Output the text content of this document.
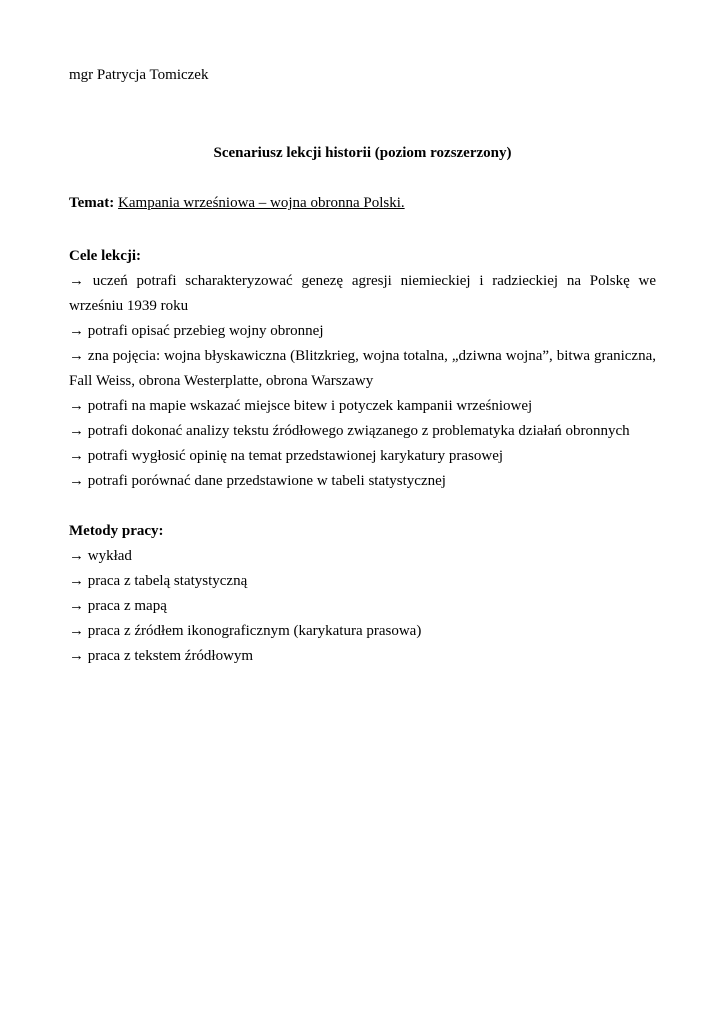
mgr Patrycja Tomiczek
Scenariusz lekcji historii (poziom rozszerzony)
Temat: Kampania wrześniowa – wojna obronna Polski.
Cele lekcji:
→ uczeń potrafi scharakteryzować genezę agresji niemieckiej i radzieckiej na Polskę we wrześniu 1939 roku
→ potrafi opisać przebieg wojny obronnej
→ zna pojęcia: wojna błyskawiczna (Blitzkrieg, wojna totalna, „dziwna wojna”, bitwa graniczna, Fall Weiss, obrona Westerplatte, obrona Warszawy
→ potrafi na mapie wskazać miejsce bitew i potyczek kampanii wrześniowej
→ potrafi dokonać analizy tekstu źródłowego związanego z problematyka działań obronnych
→ potrafi wygłosić opinię na temat przedstawionej karykatury prasowej
→ potrafi porównać dane przedstawione w tabeli statystycznej
Metody pracy:
→ wykład
→ praca z tabelą statystyczną
→ praca z mapą
→ praca z źródłem ikonograficznym (karykatura prasowa)
→ praca z tekstem źródłowym
